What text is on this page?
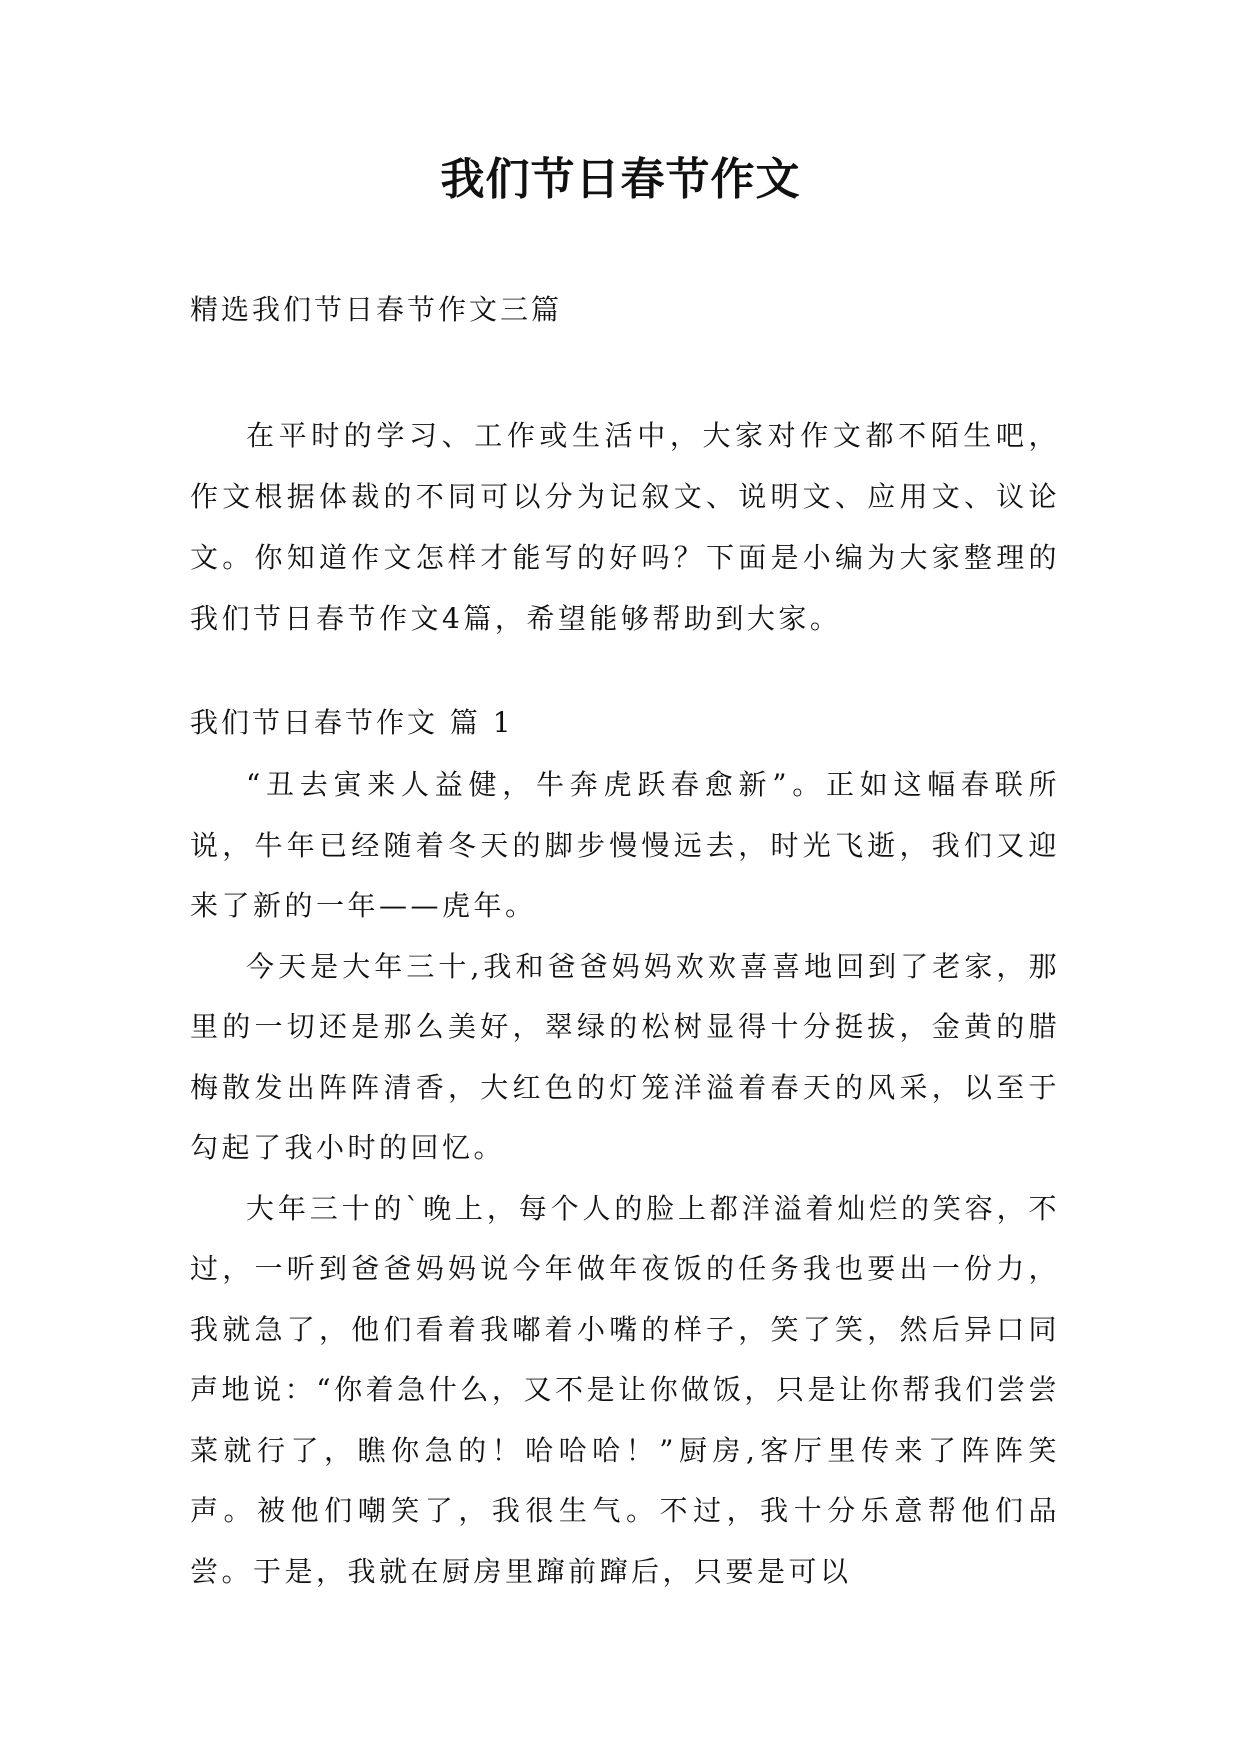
我们节日春节作文

精选我们节日春节作文三篇

在平时的学习、工作或生活中，大家对作文都不陌生吧，作文根据体裁的不同可以分为记叙文、说明文、应用文、议论文。你知道作文怎样才能写的好吗？下面是小编为大家整理的我们节日春节作文4篇，希望能够帮助到大家。

我们节日春节作文 篇 1

“丑去寅来人益健，牛奔虎跃春愈新”。正如这幅春联所说，牛年已经随着冬天的脚步慢慢远去，时光飞逝，我们又迎来了新的一年——虎年。

今天是大年三十,我和爸爸妈妈欢欢喜喜地回到了老家，那里的一切还是那么美好，翠绿的松树显得十分挺拔，金黄的腊梅散发出阵阵清香，大红色的灯笼洋溢着春天的风采，以至于勾起了我小时的回忆。

大年三十的`晚上，每个人的脸上都洋溢着灿烂的笑容，不过，一听到爸爸妈妈说今年做年夜饭的任务我也要出一份力，我就急了，他们看着我嘟着小嘴的样子，笑了笑，然后异口同声地说：“你着急什么，又不是让你做饭，只是让你帮我们尝尝菜就行了，瞧你急的！哈哈哈！”厨房,客厅里传来了阵阵笑声。被他们嘲笑了，我很生气。不过，我十分乐意帮他们品尝。于是，我就在厨房里蹿前蹿后，只要是可以
